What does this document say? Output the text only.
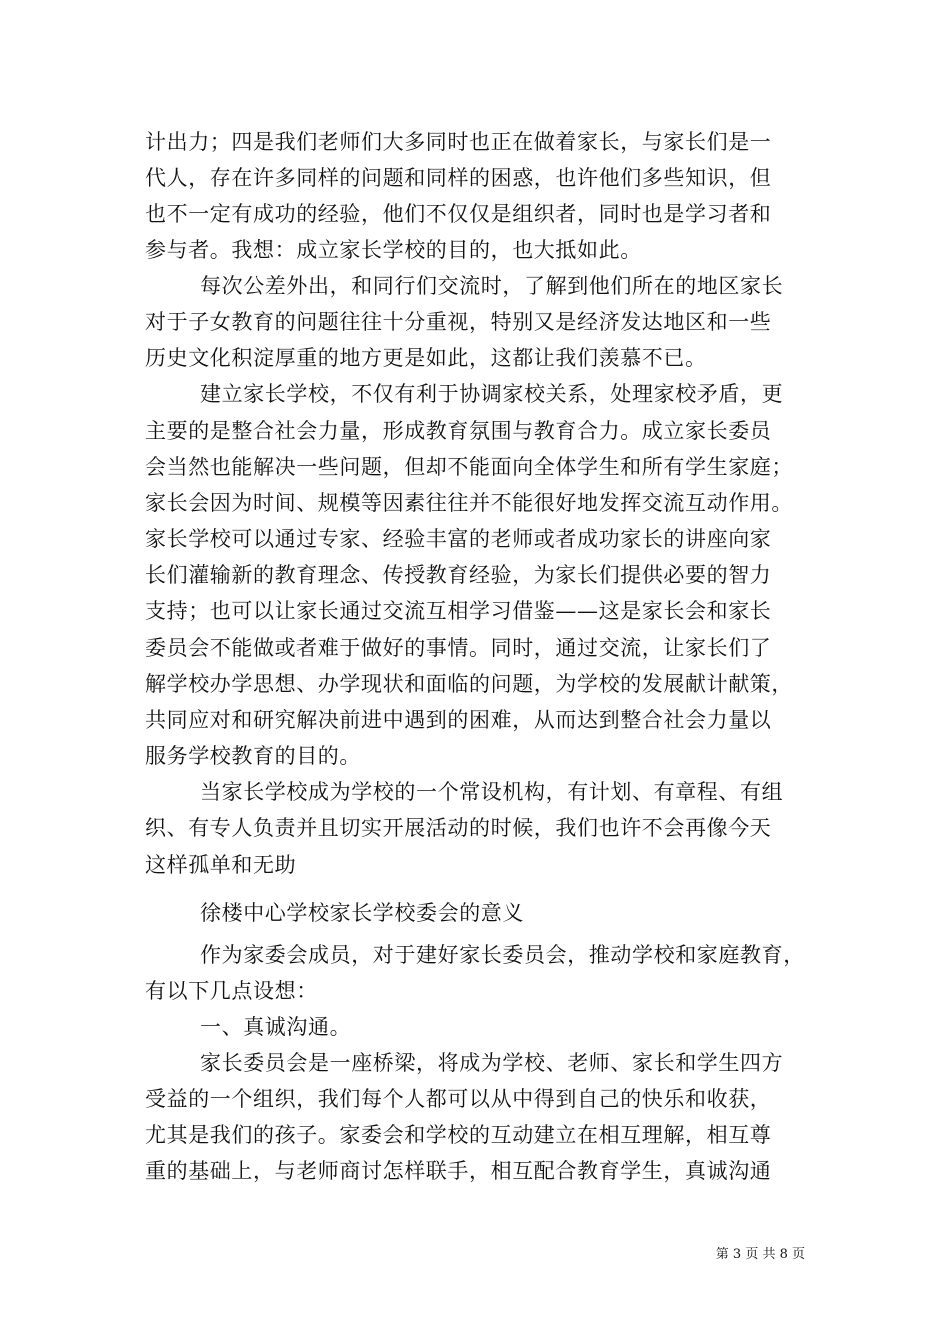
计出力；四是我们老师们大多同时也正在做着家长，与家长们是一
代人，存在许多同样的问题和同样的困惑，也许他们多些知识，但
也不一定有成功的经验，他们不仅仅是组织者，同时也是学习者和
参与者。我想：成立家长学校的目的，也大抵如此。
每次公差外出，和同行们交流时，了解到他们所在的地区家长
对于子女教育的问题往往十分重视，特别又是经济发达地区和一些
历史文化积淀厚重的地方更是如此，这都让我们羡慕不已。
建立家长学校，不仅有利于协调家校关系，处理家校矛盾，更
主要的是整合社会力量，形成教育氛围与教育合力。成立家长委员
会当然也能解决一些问题，但却不能面向全体学生和所有学生家庭；
家长会因为时间、规模等因素往往并不能很好地发挥交流互动作用。
家长学校可以通过专家、经验丰富的老师或者成功家长的讲座向家
长们灌输新的教育理念、传授教育经验，为家长们提供必要的智力
支持；也可以让家长通过交流互相学习借鉴——这是家长会和家长
委员会不能做或者难于做好的事情。同时，通过交流，让家长们了
解学校办学思想、办学现状和面临的问题，为学校的发展献计献策，
共同应对和研究解决前进中遇到的困难，从而达到整合社会力量以
服务学校教育的目的。
当家长学校成为学校的一个常设机构，有计划、有章程、有组
织、有专人负责并且切实开展活动的时候，我们也许不会再像今天
这样孤单和无助
徐楼中心学校家长学校委会的意义
作为家委会成员，对于建好家长委员会，推动学校和家庭教育，
有以下几点设想：
一、真诚沟通。
家长委员会是一座桥梁，将成为学校、老师、家长和学生四方
受益的一个组织，我们每个人都可以从中得到自己的快乐和收获，
尤其是我们的孩子。家委会和学校的互动建立在相互理解，相互尊
重的基础上，与老师商讨怎样联手，相互配合教育学生，真诚沟通
第 3 页 共 8 页
